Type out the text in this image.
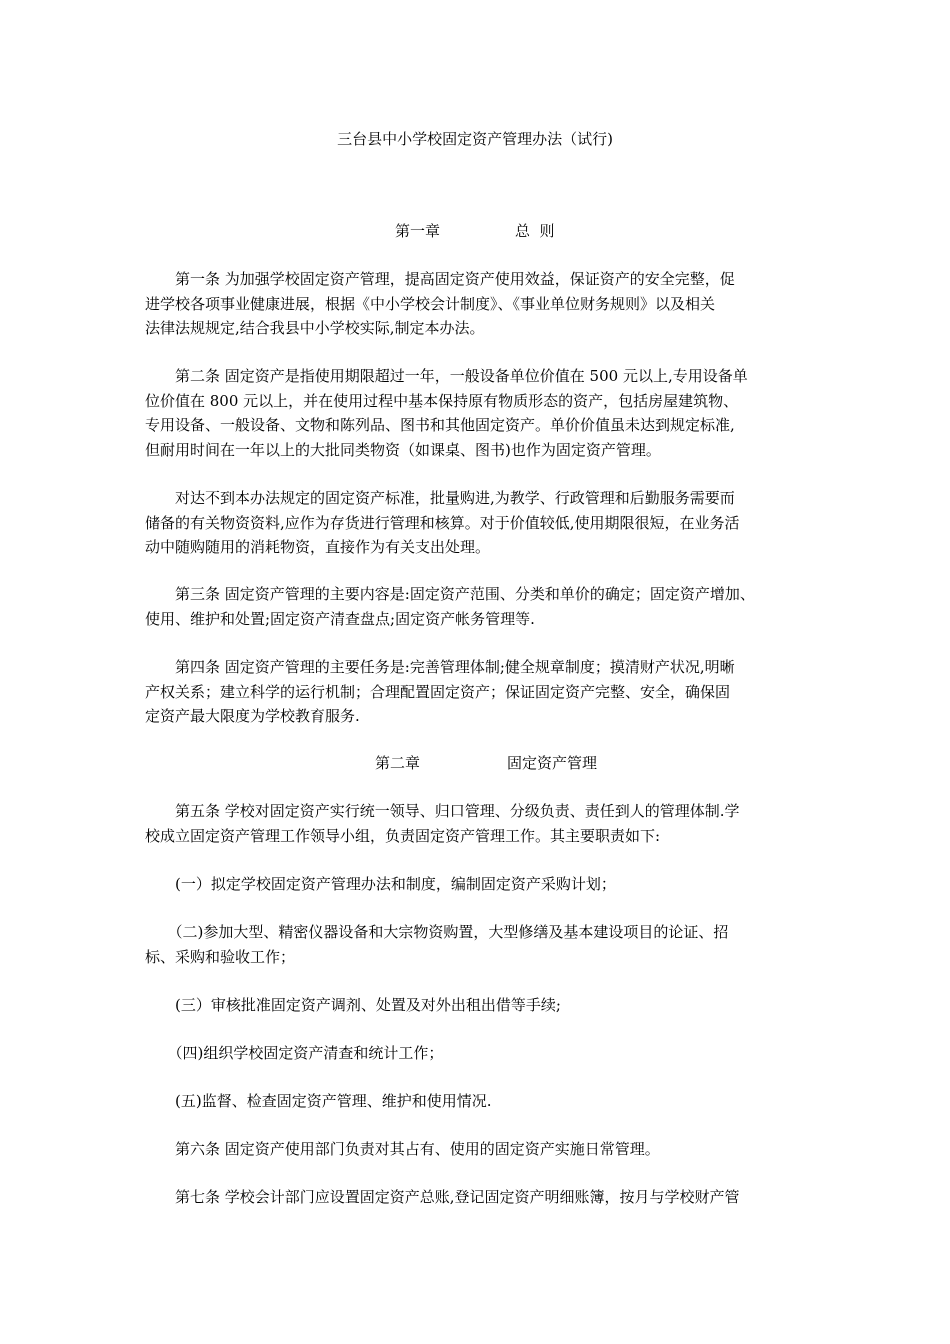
三台县中小学校固定资产管理办法（试行)
第一章	总  则
　　第一条 为加强学校固定资产管理，提高固定资产使用效益，保证资产的安全完整，促
进学校各项事业健康进展，根据《中小学校会计制度》、《事业单位财务规则》以及相关
法律法规规定,结合我县中小学校实际,制定本办法。
　　第二条 固定资产是指使用期限超过一年，一般设备单位价值在 500 元以上,专用设备单
位价值在 800 元以上，并在使用过程中基本保持原有物质形态的资产，包括房屋建筑物、
专用设备、一般设备、文物和陈列品、图书和其他固定资产。单价价值虽未达到规定标准,
但耐用时间在一年以上的大批同类物资（如课桌、图书)也作为固定资产管理。
　　对达不到本办法规定的固定资产标准，批量购进,为教学、行政管理和后勤服务需要而
储备的有关物资资料,应作为存货进行管理和核算。对于价值较低,使用期限很短，在业务活
动中随购随用的消耗物资，直接作为有关支出处理。
　　第三条 固定资产管理的主要内容是:固定资产范围、分类和单价的确定；固定资产增加、
使用、维护和处置;固定资产清查盘点;固定资产帐务管理等.
　　第四条 固定资产管理的主要任务是:完善管理体制;健全规章制度；摸清财产状况,明晰
产权关系；建立科学的运行机制；合理配置固定资产；保证固定资产完整、安全，确保固
定资产最大限度为学校教育服务.
第二章	固定资产管理
　　第五条 学校对固定资产实行统一领导、归口管理、分级负责、责任到人的管理体制.学
校成立固定资产管理工作领导小组，负责固定资产管理工作。其主要职责如下:
　　(一）拟定学校固定资产管理办法和制度，编制固定资产采购计划；
　　（二)参加大型、精密仪器设备和大宗物资购置，大型修缮及基本建设项目的论证、招
标、采购和验收工作；
　　(三）审核批准固定资产调剂、处置及对外出租出借等手续;
　　（四)组织学校固定资产清查和统计工作；
　　(五)监督、检查固定资产管理、维护和使用情况.
　　第六条 固定资产使用部门负责对其占有、使用的固定资产实施日常管理。
　　第七条 学校会计部门应设置固定资产总账,登记固定资产明细账簿，按月与学校财产管
